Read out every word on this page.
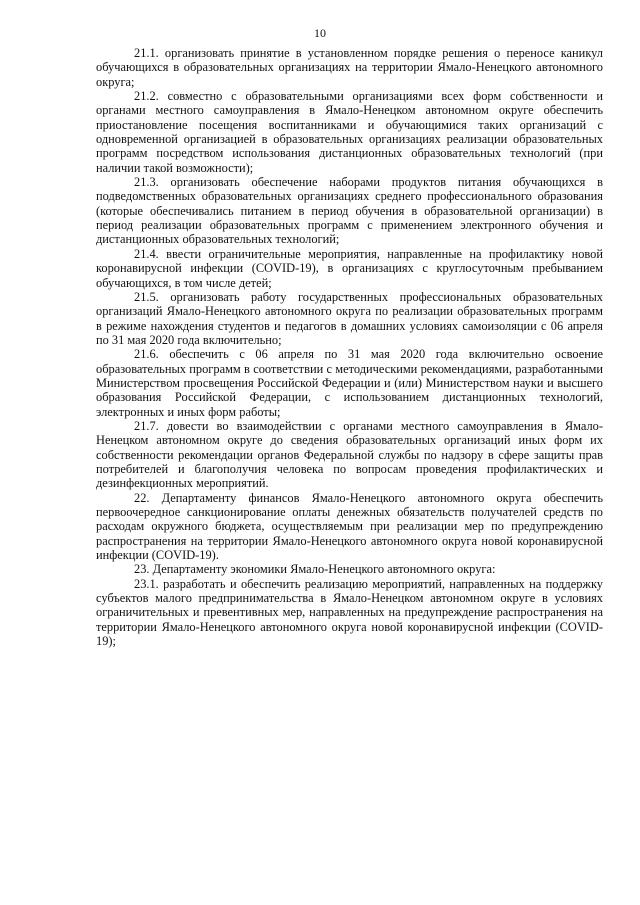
10

21.1. организовать принятие в установленном порядке решения о переносе каникул обучающихся в образовательных организациях на территории Ямало-Ненецкого автономного округа;

21.2. совместно с образовательными организациями всех форм собственности и органами местного самоуправления в Ямало-Ненецком автономном округе обеспечить приостановление посещения воспитанниками и обучающимися таких организаций с одновременной организацией в образовательных организациях реализации образовательных программ посредством использования дистанционных образовательных технологий (при наличии такой возможности);

21.3. организовать обеспечение наборами продуктов питания обучающихся в подведомственных образовательных организациях среднего профессионального образования (которые обеспечивались питанием в период обучения в образовательной организации) в период реализации образовательных программ с применением электронного обучения и дистанционных образовательных технологий;

21.4. ввести ограничительные мероприятия, направленные на профилактику новой коронавирусной инфекции (COVID-19), в организациях с круглосуточным пребыванием обучающихся, в том числе детей;

21.5. организовать работу государственных профессиональных образовательных организаций Ямало-Ненецкого автономного округа по реализации образовательных программ в режиме нахождения студентов и педагогов в домашних условиях самоизоляции с 06 апреля по 31 мая 2020 года включительно;

21.6. обеспечить с 06 апреля по 31 мая 2020 года включительно освоение образовательных программ в соответствии с методическими рекомендациями, разработанными Министерством просвещения Российской Федерации и (или) Министерством науки и высшего образования Российской Федерации, с использованием дистанционных технологий, электронных и иных форм работы;

21.7. довести во взаимодействии с органами местного самоуправления в Ямало-Ненецком автономном округе до сведения образовательных организаций иных форм их собственности рекомендации органов Федеральной службы по надзору в сфере защиты прав потребителей и благополучия человека по вопросам проведения профилактических и дезинфекционных мероприятий.

22. Департаменту финансов Ямало-Ненецкого автономного округа обеспечить первоочередное санкционирование оплаты денежных обязательств получателей средств по расходам окружного бюджета, осуществляемым при реализации мер по предупреждению распространения на территории Ямало-Ненецкого автономного округа новой коронавирусной инфекции (COVID-19).

23. Департаменту экономики Ямало-Ненецкого автономного округа:

23.1. разработать и обеспечить реализацию мероприятий, направленных на поддержку субъектов малого предпринимательства в Ямало-Ненецком автономном округе в условиях ограничительных и превентивных мер, направленных на предупреждение распространения на территории Ямало-Ненецкого автономного округа новой коронавирусной инфекции (COVID-19);
